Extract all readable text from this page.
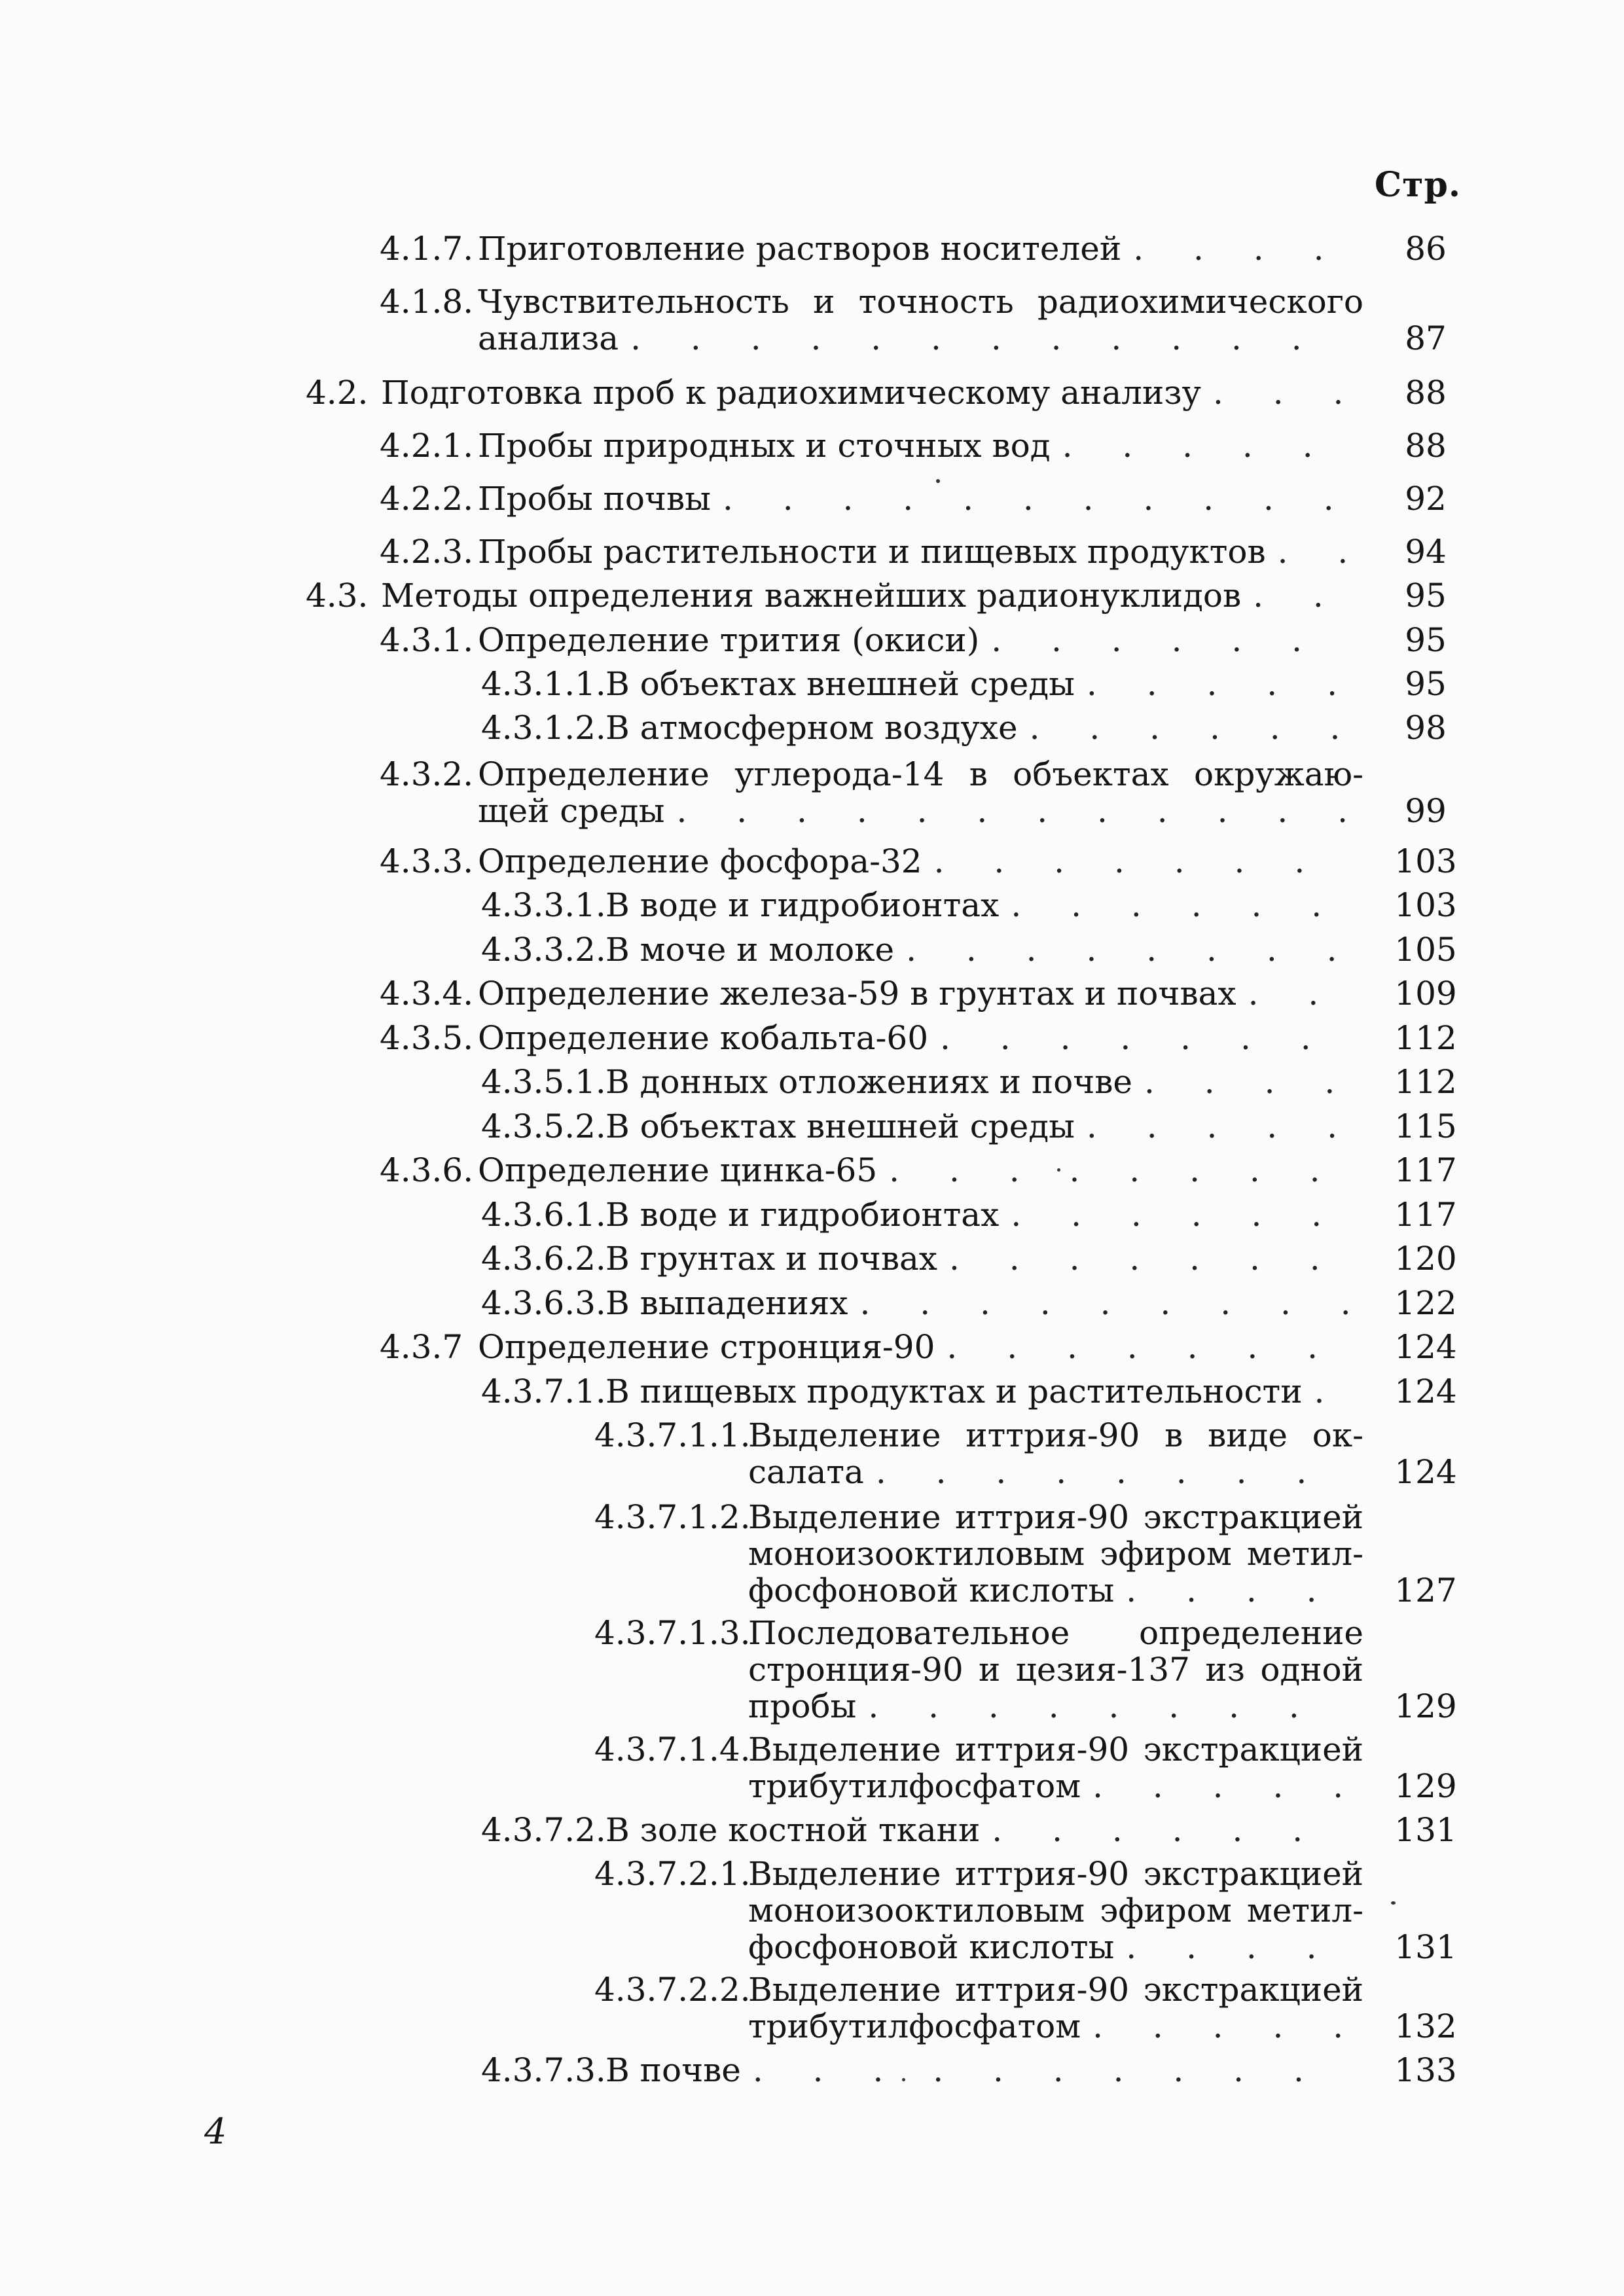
Стр.
4.1.7. Приготовление растворов носителей . . .	86
4.1.8. Чувствительность и точность радиохимического
анализа . . .	87
4.2. Подготовка проб к радиохимическому анализу . . .	88
4.2.1. Пробы природных и сточных вод . . .	88
4.2.2. Пробы почвы . . .	92
4.2.3. Пробы растительности и пищевых продуктов . . .	94
4.3. Методы определения важнейших радионуклидов . . .	95
4.3.1. Определение трития (окиси) . . .	95
4.3.1.1. В объектах внешней среды . . .	95
4.3.1.2. В атмосферном воздухе . . .	98
4.3.2. Определение углерода-14 в объектах окружаю-
щей среды . . .	99
4.3.3. Определение фосфора-32 . . .	103
4.3.3.1. В воде и гидробионтах . . .	103
4.3.3.2. В моче и молоке . . .	105
4.3.4. Определение железа-59 в грунтах и почвах . . .	109
4.3.5. Определение кобальта-60 . . .	112
4.3.5.1. В донных отложениях и почве . . .	112
4.3.5.2. В объектах внешней среды . . .	115
4.3.6. Определение цинка-65 . . .	117
4.3.6.1. В воде и гидробионтах . . .	117
4.3.6.2. В грунтах и почвах . . .	120
4.3.6.3. В выпадениях . . .	122
4.3.7 Определение стронция-90 . . .	124
4.3.7.1. В пищевых продуктах и растительности . . .	124
4.3.7.1.1.
Выделение иттрия-90 в виде ок-
салата . . .	124
4.3.7.1.2.
Выделение иттрия-90 экстракцией моноизооктиловым эфиром метил-
фосфоновой кислоты . . .	127
4.3.7.1.3.
Последовательное определение стронция-90 и цезия-137 из одной
пробы . . .	129
4.3.7.1.4.
Выделение иттрия-90 экстракцией
трибутилфосфатом . . .	129
4.3.7.2. В золе костной ткани . . .	131
4.3.7.2.1.
Выделение иттрия-90 экстракцией моноизооктиловым эфиром метил-
фосфоновой кислоты . . .	131
4.3.7.2.2.
Выделение иттрия-90 экстракцией
трибутилфосфатом . . .	132
4.3.7.3. В почве . . .	133
4
